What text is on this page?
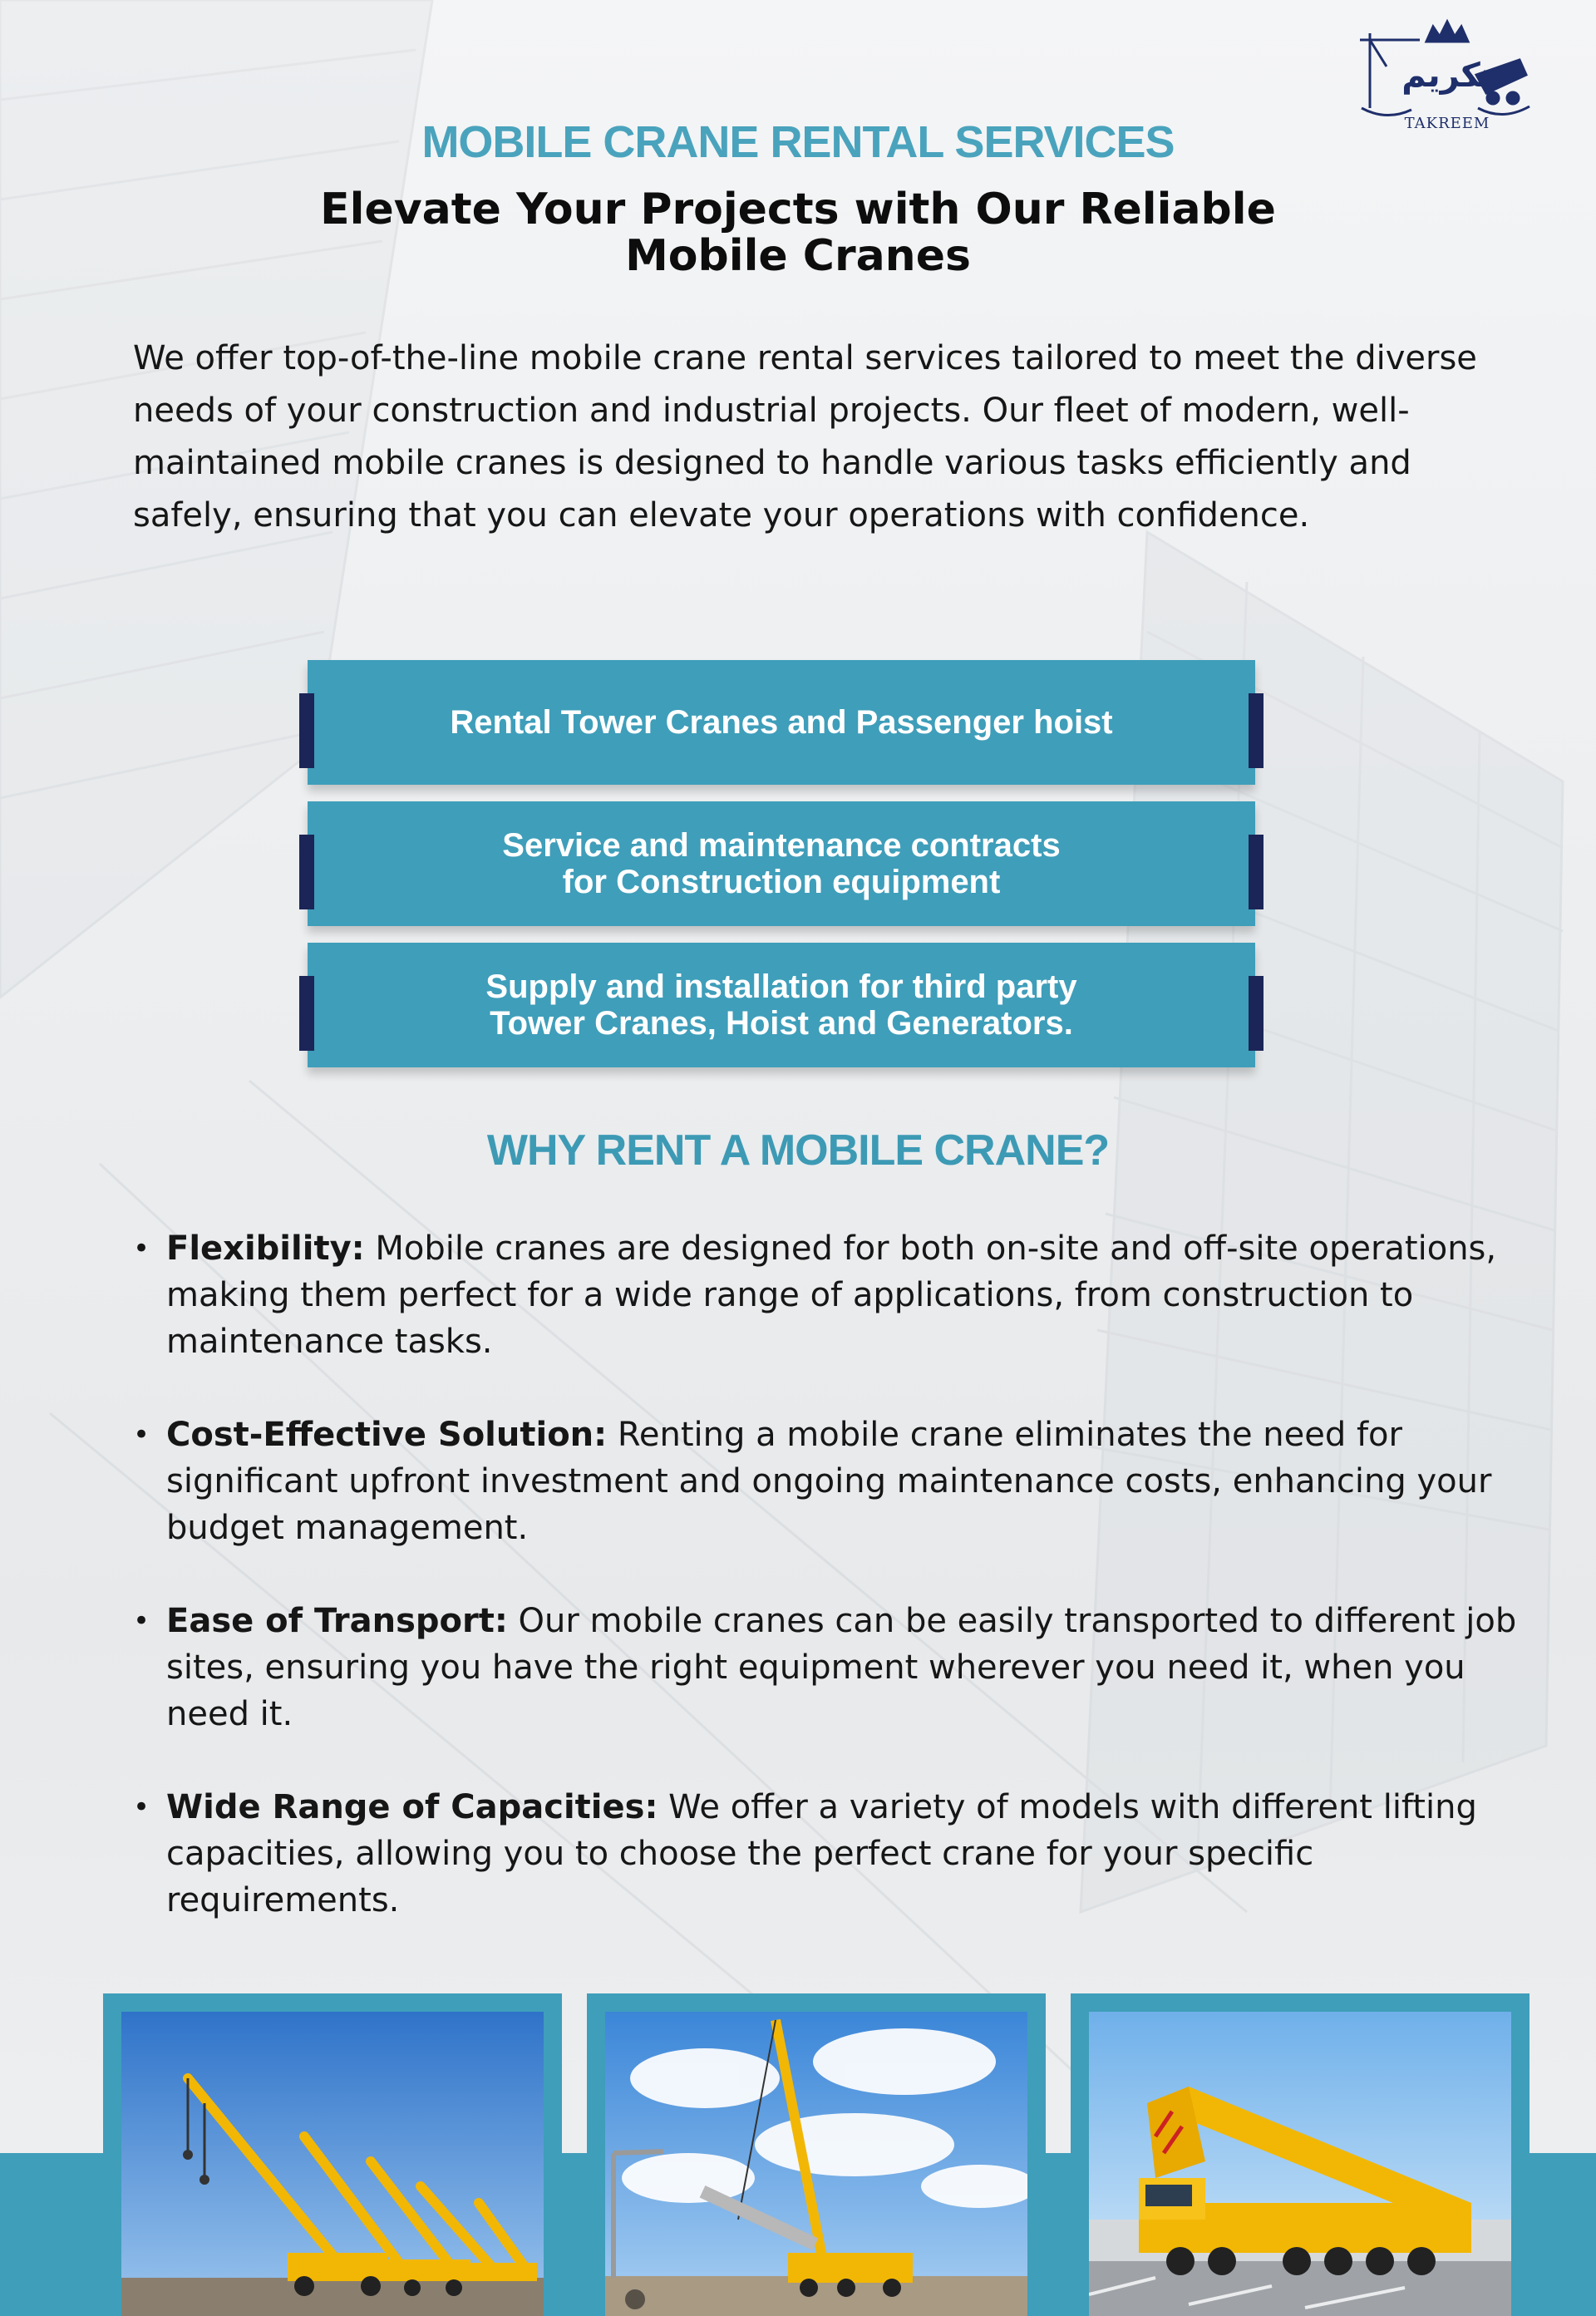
تكريم
TAKREEM
MOBILE CRANE RENTAL SERVICES
Elevate Your Projects with Our Reliable Mobile Cranes

We offer top-of-the-line mobile crane rental services tailored to meet the diverse needs of your construction and industrial projects. Our fleet of modern, well-maintained mobile cranes is designed to handle various tasks efficiently and safely, ensuring that you can elevate your operations with confidence.

Rental Tower Cranes and Passenger hoist
Service and maintenance contracts
for Construction equipment
Supply and installation for third party
Tower Cranes, Hoist and Generators.
WHY RENT A MOBILE CRANE?
• Flexibility: Mobile cranes are designed for both on-site and off-site operations, making them perfect for a wide range of applications, from construction to maintenance tasks.
• Cost-Effective Solution: Renting a mobile crane eliminates the need for significant upfront investment and ongoing maintenance costs, enhancing your budget management.
• Ease of Transport: Our mobile cranes can be easily transported to different job sites, ensuring you have the right equipment wherever you need it, when you need it.
• Wide Range of Capacities: We offer a variety of models with different lifting capacities, allowing you to choose the perfect crane for your specific requirements.
